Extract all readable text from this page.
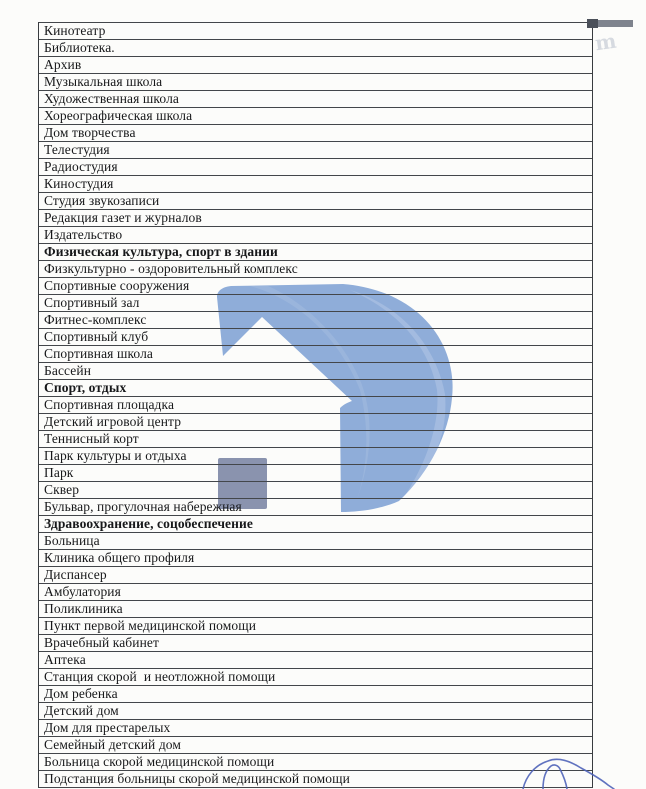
Кинотеатр
Библиотека.
Архив
Музыкальная школа
Художественная школа
Хореографическая школа
Дом творчества
Телестудия
Радиостудия
Киностудия
Студия звукозаписи
Редакция газет и журналов
Издательство
Физическая культура, спорт в здании
Физкультурно - оздоровительный комплекс
Спортивные сооружения
Спортивный зал
Фитнес-комплекс
Спортивный клуб
Спортивная школа
Бассейн
Спорт, отдых
Спортивная площадка
Детский игровой центр
Теннисный корт
Парк культуры и отдыха
Парк
Сквер
Бульвар, прогулочная набережная
Здравоохранение, соцобеспечение
Больница
Клиника общего профиля
Диспансер
Амбулатория
Поликлиника
Пункт первой медицинской помощи
Врачебный кабинет
Аптека
Станция скорой  и неотложной помощи
Дом ребенка
Детский дом
Дом для престарелых
Семейный детский дом
Больница скорой медицинской помощи
Подстанция больницы скорой медицинской помощи
m
